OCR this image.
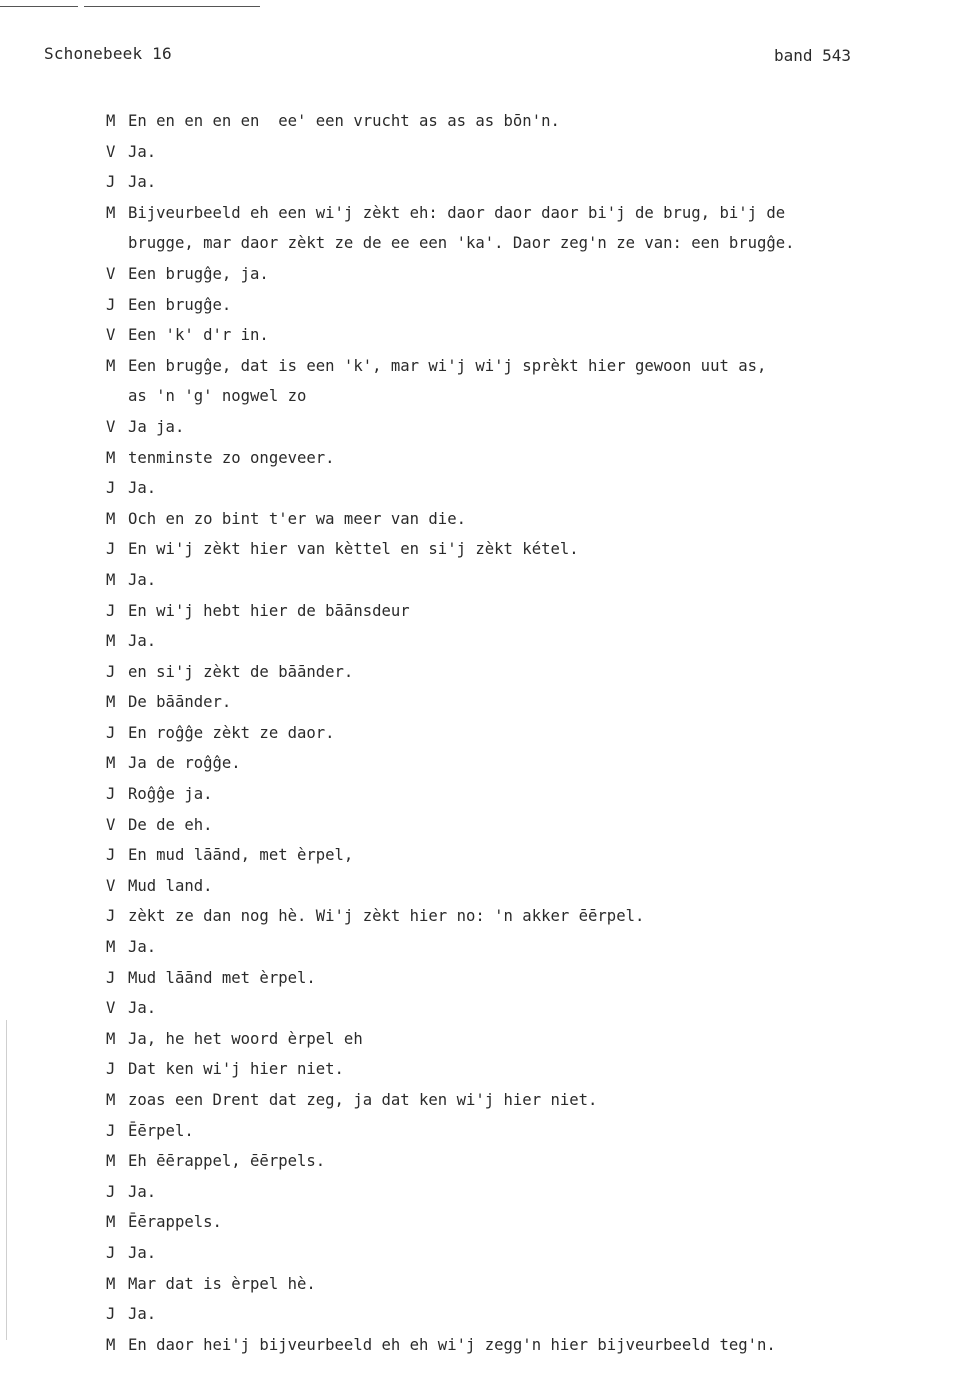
Schonebeek 16	band 543
M En en en en en  ee' een vrucht as as as bōn'n.
V Ja.
J Ja.
M Bijveurbeeld eh een wi'j zèkt eh: daor daor daor bi'j de brug, bi'j de
brugge, mar daor zèkt ze de ee een 'ka'. Daor zeg'n ze van: een brugĝe.
V Een brugĝe, ja.
J Een brugĝe.
V Een 'k' d'r in.
M Een brugĝe, dat is een 'k', mar wi'j wi'j sprèkt hier gewoon uut as,
as 'n 'g' nogwel zo
V Ja ja.
M tenminste zo ongeveer.
J Ja.
M Och en zo bint t'er wa meer van die.
J En wi'j zèkt hier van kèttel en si'j zèkt kétel.
M Ja.
J En wi'j hebt hier de bāānsdeur
M Ja.
J en si'j zèkt de bāānder.
M De bāānder.
J En roĝĝe zèkt ze daor.
M Ja de roĝĝe.
J Roĝĝe ja.
V De de eh.
J En mud lāānd, met èrpel,
V Mud land.
J zèkt ze dan nog hè. Wi'j zèkt hier no: 'n akker ēērpel.
M Ja.
J Mud lāānd met èrpel.
V Ja.
M Ja, he het woord èrpel eh
J Dat ken wi'j hier niet.
M zoas een Drent dat zeg, ja dat ken wi'j hier niet.
J Ēērpel.
M Eh ēērappel, ēērpels.
J Ja.
M Ēērappels.
J Ja.
M Mar dat is èrpel hè.
J Ja.
M En daor hei'j bijveurbeeld eh eh wi'j zegg'n hier bijveurbeeld teg'n.
